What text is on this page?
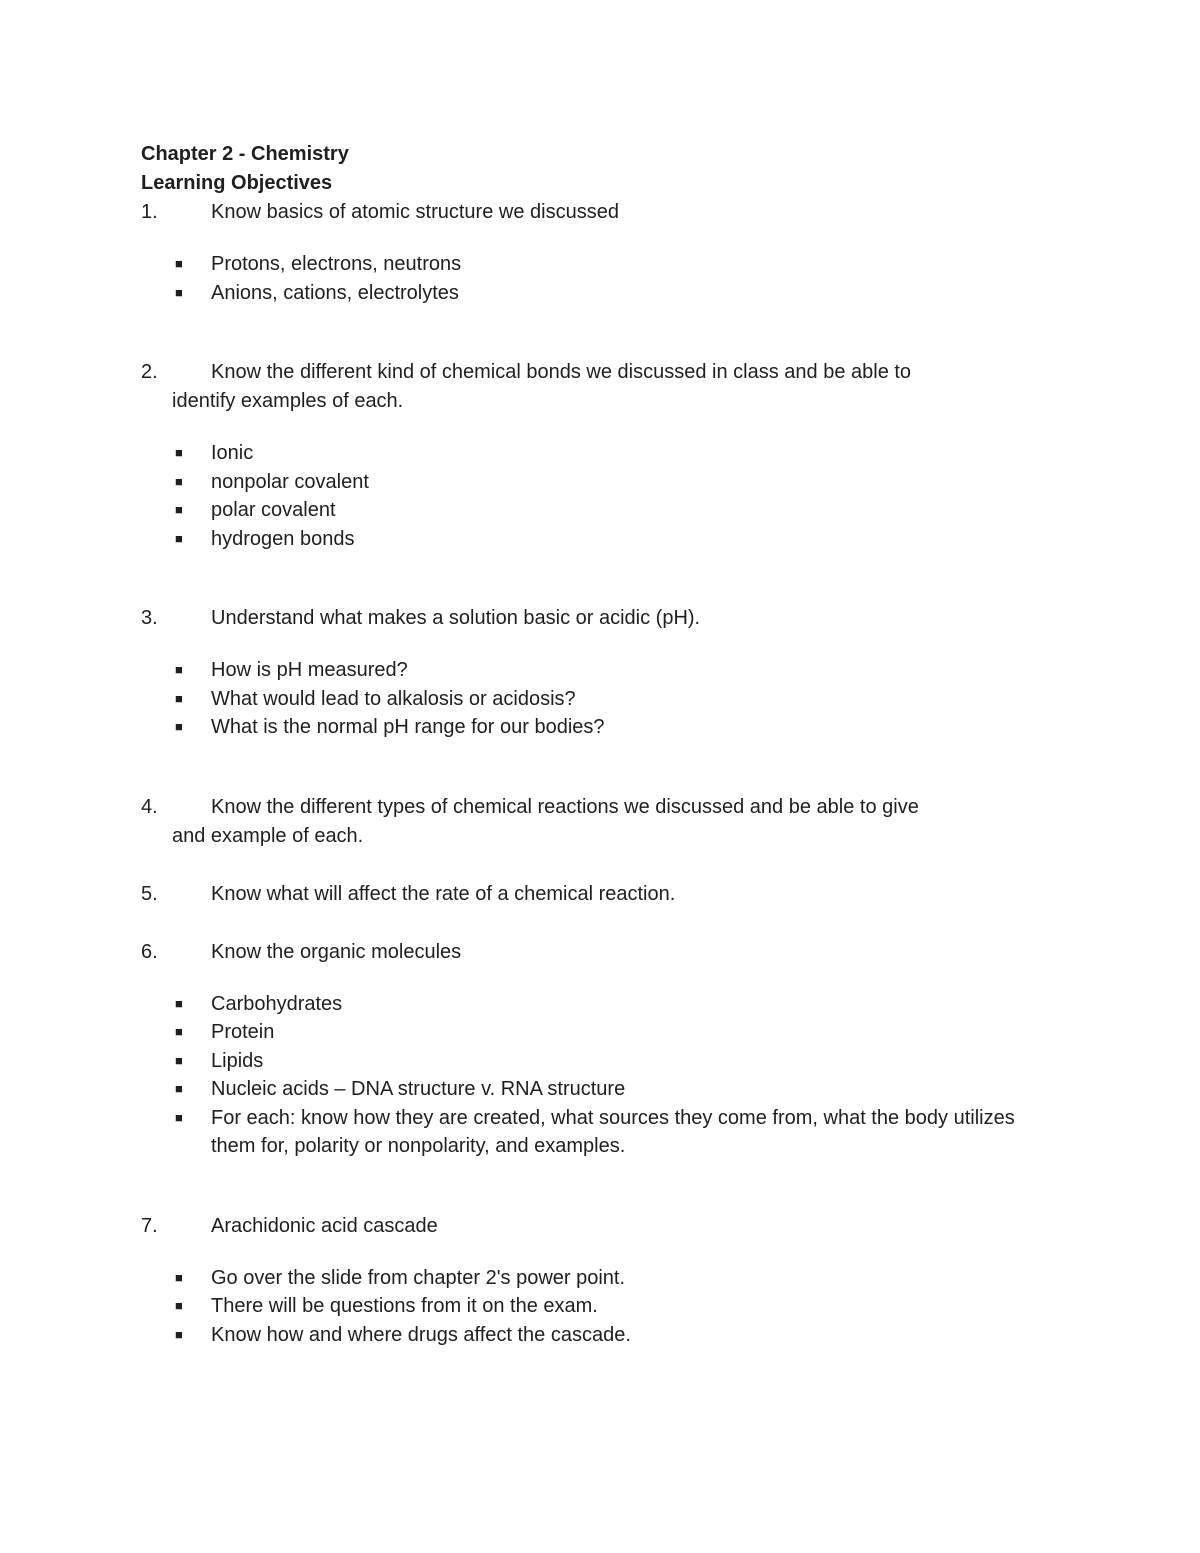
Chapter 2 - Chemistry
Learning Objectives
1.	Know basics of atomic structure we discussed
■ Protons, electrons, neutrons
■ Anions, cations, electrolytes
2.	Know the different kind of chemical bonds we discussed in class and be able to identify examples of each.
■ Ionic
■ nonpolar covalent
■ polar covalent
■ hydrogen bonds
3.	Understand what makes a solution basic or acidic (pH).
■ How is pH measured?
■ What would lead to alkalosis or acidosis?
■ What is the normal pH range for our bodies?
4.	Know the different types of chemical reactions we discussed and be able to give and example of each.
5.	Know what will affect the rate of a chemical reaction.
6.	Know the organic molecules
■ Carbohydrates
■ Protein
■ Lipids
■ Nucleic acids – DNA structure v. RNA structure
■ For each: know how they are created, what sources they come from, what the body utilizes them for, polarity or nonpolarity, and examples.
7.	Arachidonic acid cascade
■ Go over the slide from chapter 2's power point.
■ There will be questions from it on the exam.
■ Know how and where drugs affect the cascade.
